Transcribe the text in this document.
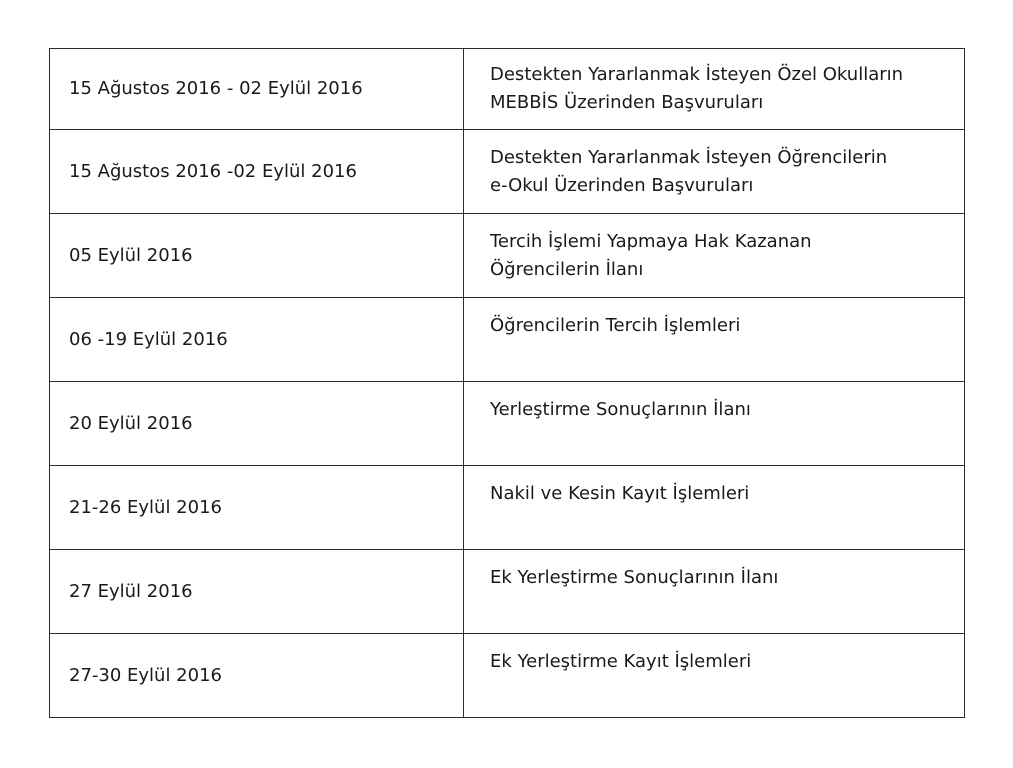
15 Ağustos 2016 - 02 Eylül 2016	Destekten Yararlanmak İsteyen Özel Okulların
MEBBİS Üzerinden Başvuruları

15 Ağustos 2016 -02 Eylül 2016	Destekten Yararlanmak İsteyen Öğrencilerin
e-Okul Üzerinden Başvuruları

05 Eylül 2016	Tercih İşlemi Yapmaya Hak Kazanan
Öğrencilerin İlanı

06 -19 Eylül 2016	Öğrencilerin Tercih İşlemleri

20 Eylül 2016	Yerleştirme Sonuçlarının İlanı

21-26 Eylül 2016	Nakil ve Kesin Kayıt İşlemleri

27 Eylül 2016	Ek Yerleştirme Sonuçlarının İlanı

27-30 Eylül 2016	Ek Yerleştirme Kayıt İşlemleri
